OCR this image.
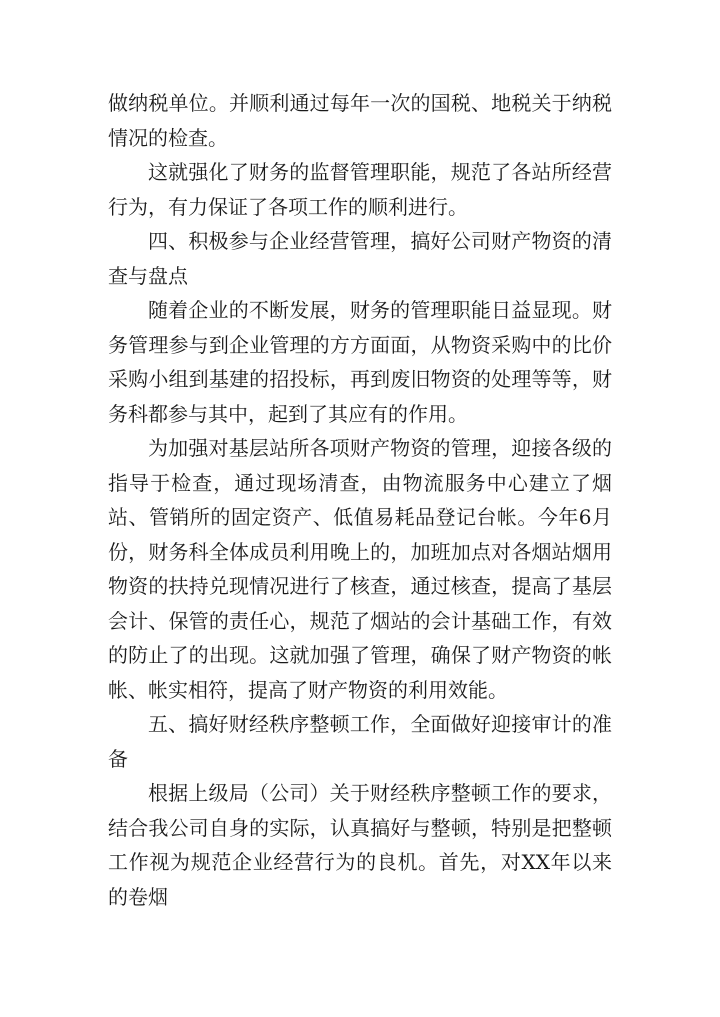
做纳税单位。并顺利通过每年一次的国税、地税关于纳税情况的检查。

这就强化了财务的监督管理职能，规范了各站所经营行为，有力保证了各项工作的顺利进行。

四、积极参与企业经营管理，搞好公司财产物资的清查与盘点

随着企业的不断发展，财务的管理职能日益显现。财务管理参与到企业管理的方方面面，从物资采购中的比价采购小组到基建的招投标，再到废旧物资的处理等等，财务科都参与其中，起到了其应有的作用。

为加强对基层站所各项财产物资的管理，迎接各级的指导于检查，通过现场清查，由物流服务中心建立了烟站、管销所的固定资产、低值易耗品登记台帐。今年6月份，财务科全体成员利用晚上的，加班加点对各烟站烟用物资的扶持兑现情况进行了核查，通过核查，提高了基层会计、保管的责任心，规范了烟站的会计基础工作，有效的防止了的出现。这就加强了管理，确保了财产物资的帐帐、帐实相符，提高了财产物资的利用效能。

五、搞好财经秩序整顿工作，全面做好迎接审计的准备

根据上级局（公司）关于财经秩序整顿工作的要求，结合我公司自身的实际，认真搞好与整顿，特别是把整顿工作视为规范企业经营行为的良机。首先，对XX年以来的卷烟
